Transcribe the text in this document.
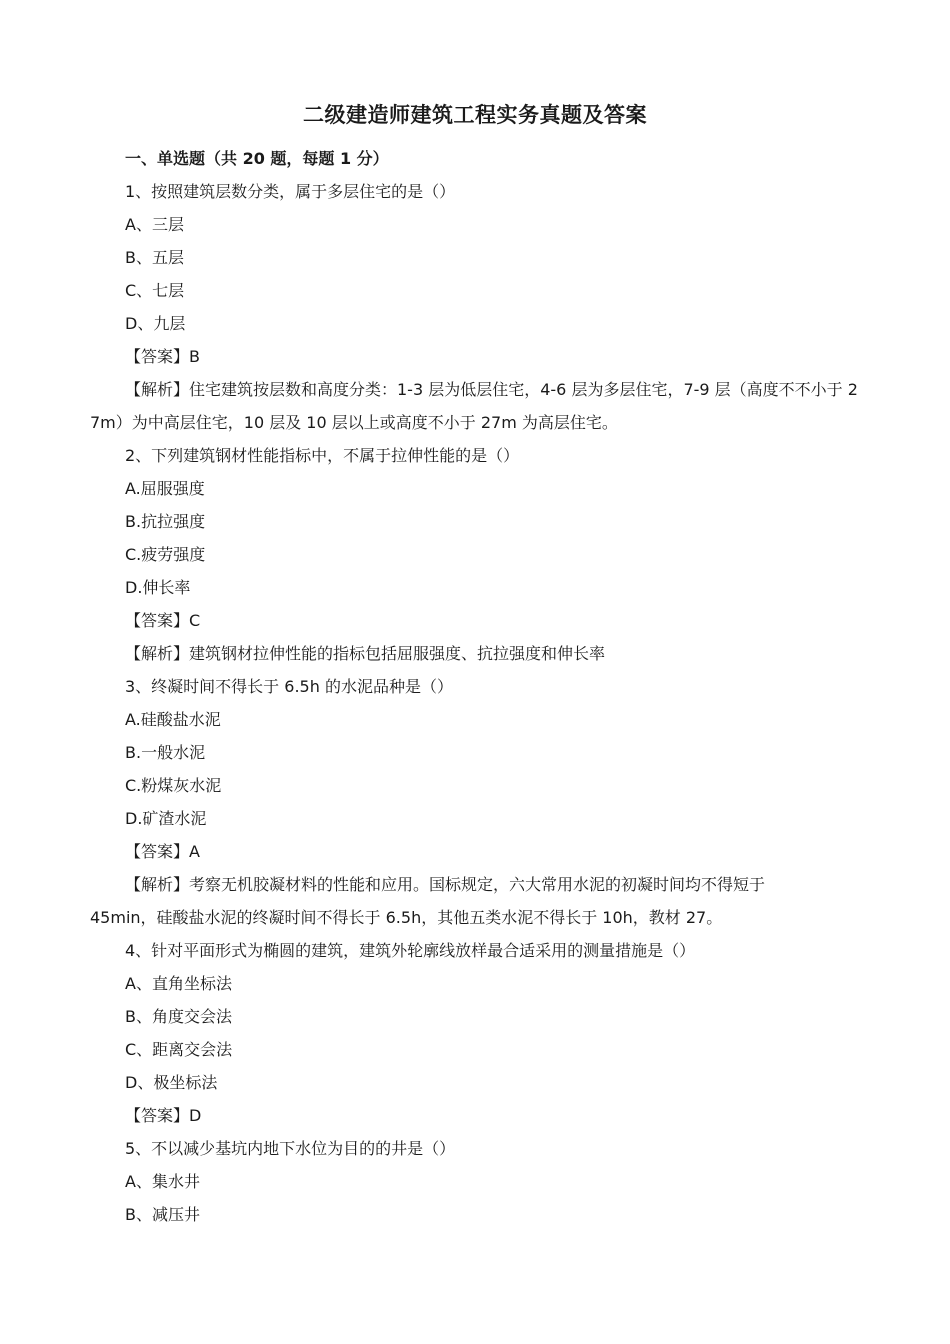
二级建造师建筑工程实务真题及答案
一、单选题（共 20 题，每题 1 分）
1、按照建筑层数分类，属于多层住宅的是（）
A、三层
B、五层
C、七层
D、九层
【答案】B
【解析】住宅建筑按层数和高度分类：1-3 层为低层住宅，4-6 层为多层住宅，7-9 层（高度不不小于 27m）为中高层住宅，10 层及 10 层以上或高度不小于 27m 为高层住宅。
2、下列建筑钢材性能指标中，不属于拉伸性能的是（）
A.屈服强度
B.抗拉强度
C.疲劳强度
D.伸长率
【答案】C
【解析】建筑钢材拉伸性能的指标包括屈服强度、抗拉强度和伸长率
3、终凝时间不得长于 6.5h 的水泥品种是（）
A.硅酸盐水泥
B.一般水泥
C.粉煤灰水泥
D.矿渣水泥
【答案】A
【解析】考察无机胶凝材料的性能和应用。国标规定，六大常用水泥的初凝时间均不得短于
45min，硅酸盐水泥的终凝时间不得长于 6.5h，其他五类水泥不得长于 10h，教材 27。
4、针对平面形式为椭圆的建筑，建筑外轮廓线放样最合适采用的测量措施是（）
A、直角坐标法
B、角度交会法
C、距离交会法
D、极坐标法
【答案】D
5、不以减少基坑内地下水位为目的的井是（）
A、集水井
B、减压井
